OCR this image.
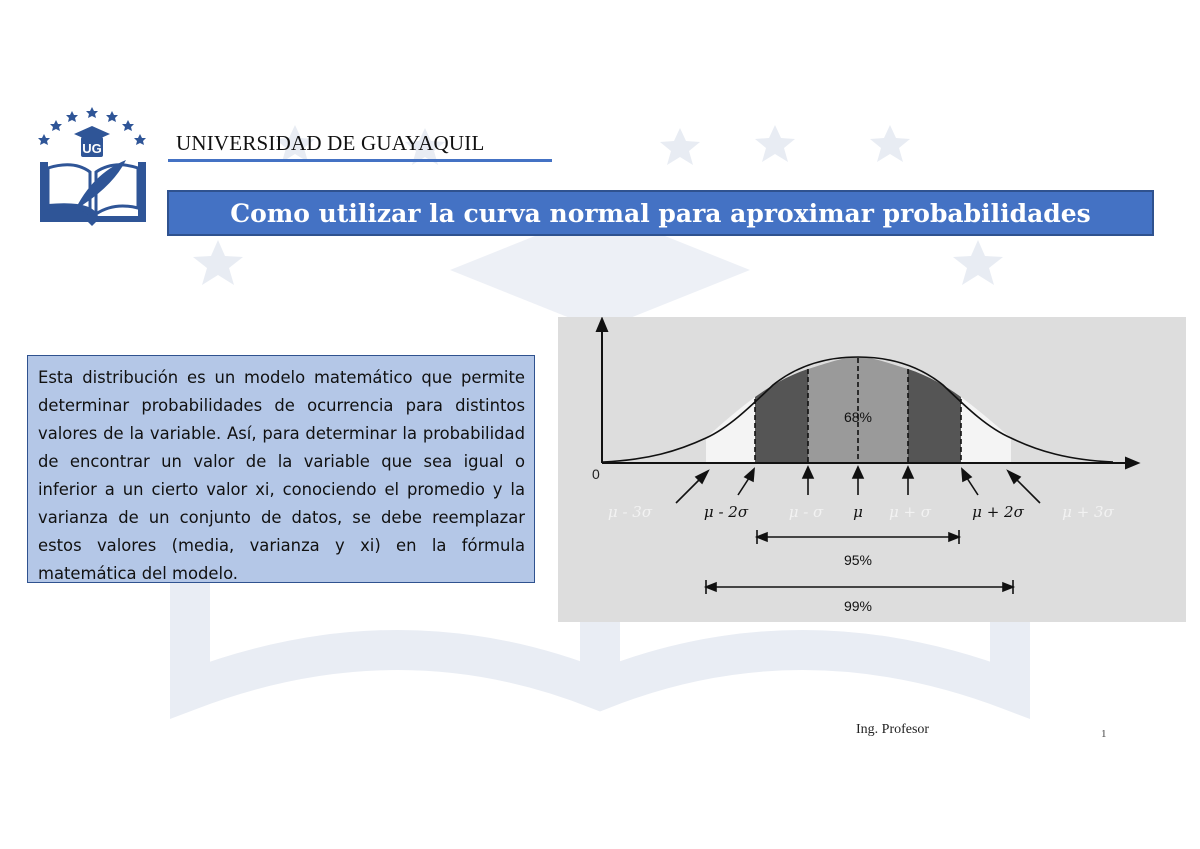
UG	UNIVERSIDAD DE GUAYAQUIL
Como utilizar la curva normal para aproximar probabilidades
Esta distribución es un modelo matemático que permite determinar probabilidades de ocurrencia para distintos valores de la variable. Así, para determinar la probabilidad de encontrar un valor de la variable que sea igual o inferior a un cierto valor xi, conociendo el promedio y la varianza de un conjunto de datos, se debe reemplazar estos valores (media, varianza y xi) en la fórmula matemática del modelo.
0
68%
μ - 3σ	μ - 2σ	μ - σ μ μ + σ	μ + 2σ	μ + 3σ
95%
99%
Ing. Profesor	1
